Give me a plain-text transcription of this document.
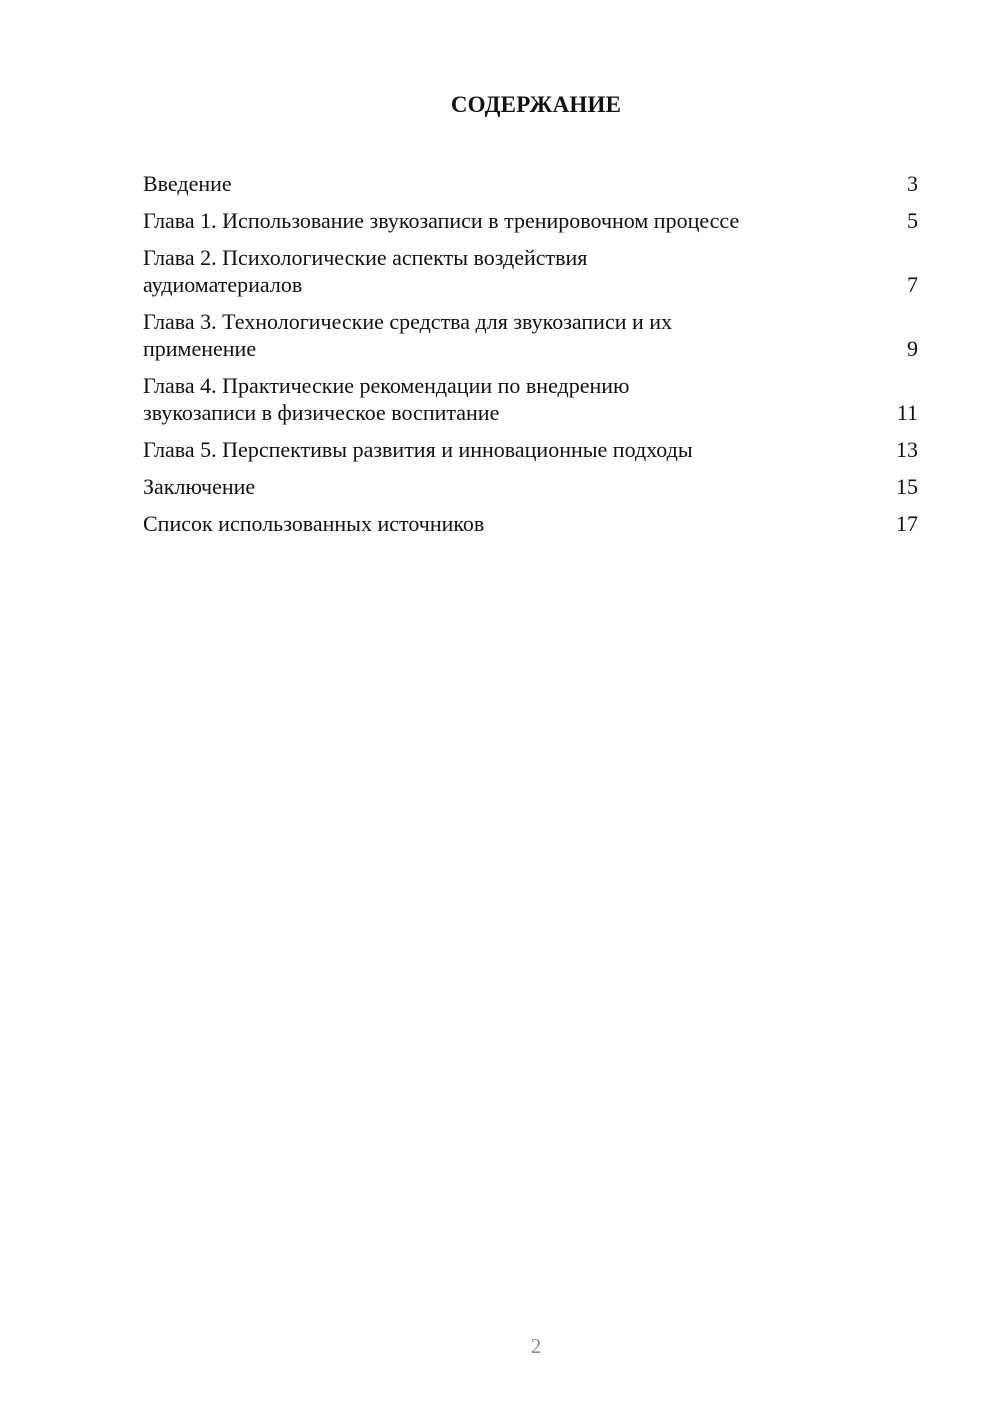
СОДЕРЖАНИЕ
Введение	3
Глава 1. Использование звукозаписи в тренировочном процессе	5
Глава 2. Психологические аспекты воздействия аудиоматериалов	7
Глава 3. Технологические средства для звукозаписи и их применение	9
Глава 4. Практические рекомендации по внедрению звукозаписи в физическое воспитание	11
Глава 5. Перспективы развития и инновационные подходы	13
Заключение	15
Список использованных источников	17
2
